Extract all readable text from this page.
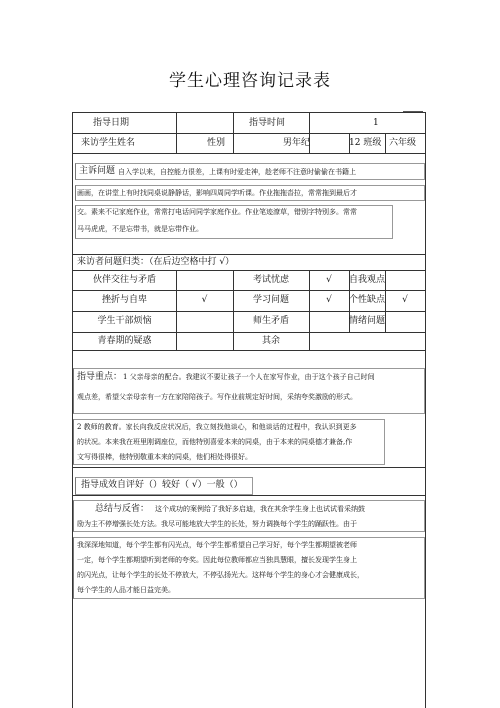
学生心理咨询记录表
指导日期	指导时间	1
来访学生姓名	性别	男年纪	12 班级 六年级
主诉问题 自入学以来，自控能力很差，上课有时爱走神，趁老师不注意时偷偷在书籍上
画画，在讲堂上有时找同桌说静静话，影响四周同学听课。作业拖拖沓拉，常常拖到最后才
交。素来不记家庭作业，常常打电话问同学家庭作业。作业笔迹潦草，错别字特别多。常常
马马虎虎，不是忘带书，就是忘带作业。
来访者问题归类：（在后边空格中打 √）
伙伴交往与矛盾	考试忧虑	√	自我观点
挫折与自卑	√	学习问题	√	个性缺点	√
学生干部烦恼	师生矛盾	情绪问题
青春期的疑惑	其余
指导重点： 1 父亲母亲的配合。我建议不要让孩子一个人在家写作业，由于这个孩子自己时间
观点差，希望父亲母亲有一方在家陪陪孩子。写作业前规定好时间，采纳夸奖激励的形式。
2 教师的教育。家长向我反应状况后，我立刻找他谈心，和他谈话的过程中，我认识到更多
的状况。本来我在班里刚调座位，而他特别喜爱本来的同桌，由于本来的同桌德才兼备,作
文写得很棒，他特别敬重本来的同桌，他们相处得很好。
指导成效自评好（）较好（ √）一般（）
总结与反省： 这个成功的案例给了我好多启迪，我在其余学生身上也试试看采纳鼓
励为主不停增强长处方法。我尽可能地放大学生的长处，努力调换每个学生的踊跃性。由于
我深深地知道，每个学生都有闪光点，每个学生都希望自己学习好，每个学生都期望被老师
一定，每个学生都期望听到老师的夸奖。因此每位教师都应当独具慧眼，擅长发现学生身上
的闪光点，让每个学生的长处不停放大，不停弘扬光大。这样每个学生的身心才会健康成长，
每个学生的人品才能日益完美。
